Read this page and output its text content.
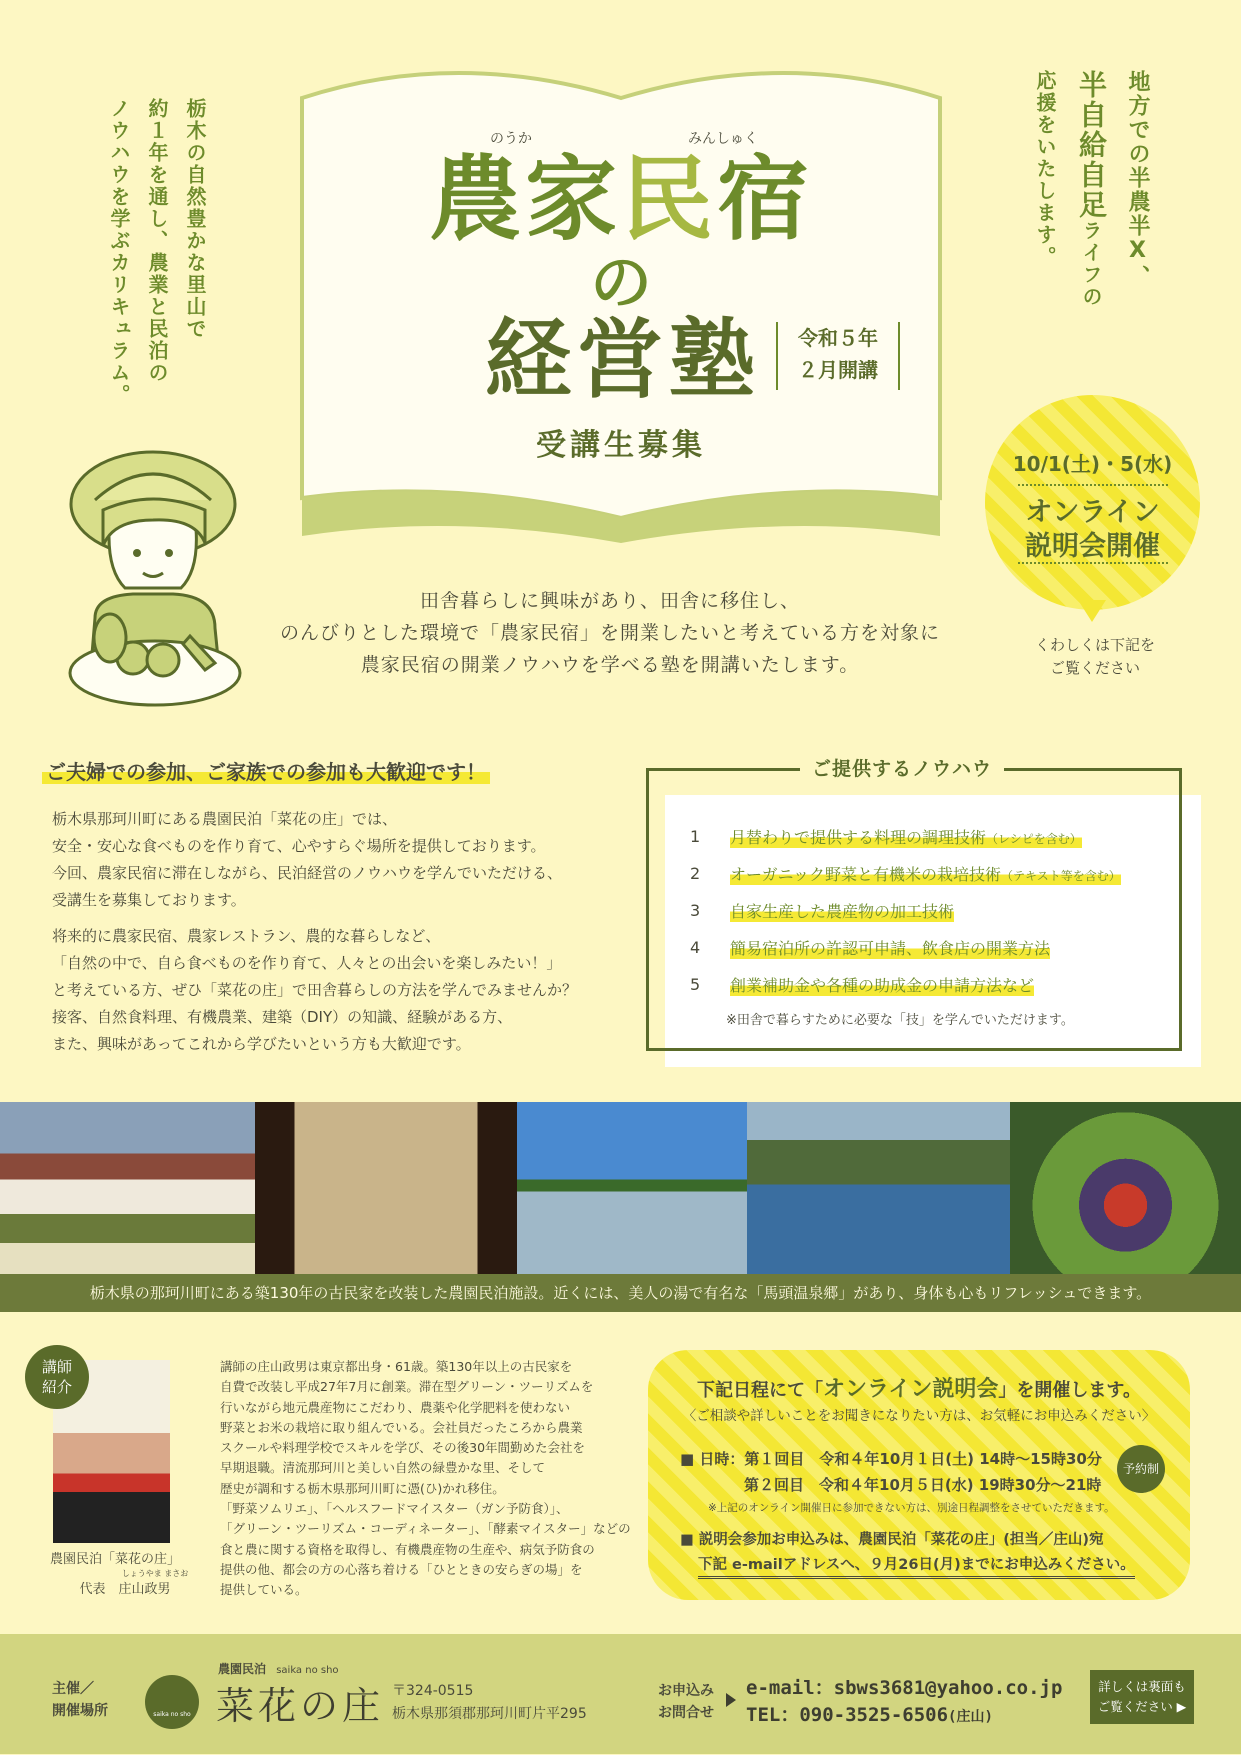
のうか	みんしゅく
農家民宿
の
経営塾	令和５年
２月開講
受講生募集
栃木の自然豊かな里山で
約１年を通し、農業と民泊の
ノウハウを学ぶカリキュラム。	地方での半農半X、
半自給自足ライフの
応援をいたします。
10/1(土)・5(水)
オンライン
説明会開催
くわしくは下記を
ご覧ください
田舎暮らしに興味があり、田舎に移住し、
のんびりとした環境で「農家民宿」を開業したいと考えている方を対象に
農家民宿の開業ノウハウを学べる塾を開講いたします。
ご夫婦での参加、ご家族での参加も大歓迎です！
栃木県那珂川町にある農園民泊「菜花の庄」では、
安全・安心な食べものを作り育て、心やすらぐ場所を提供しております。
今回、農家民宿に滞在しながら、民泊経営のノウハウを学んでいただける、
受講生を募集しております。
将来的に農家民宿、農家レストラン、農的な暮らしなど、
「自然の中で、自ら食べものを作り育て、人々との出会いを楽しみたい！」
と考えている方、ぜひ「菜花の庄」で田舎暮らしの方法を学んでみませんか？
接客、自然食料理、有機農業、建築（DIY）の知識、経験がある方、
また、興味があってこれから学びたいという方も大歓迎です。
ご提供するノウハウ
1	月替わりで提供する料理の調理技術（レシピを含む）
2	オーガニック野菜と有機米の栽培技術（テキスト等を含む）
3	自家生産した農産物の加工技術
4	簡易宿泊所の許認可申請、飲食店の開業方法
5	創業補助金や各種の助成金の申請方法など
※田舎で暮らすために必要な「技」を学んでいただけます。
栃木県の那珂川町にある築130年の古民家を改装した農園民泊施設。近くには、美人の湯で有名な「馬頭温泉郷」があり、身体も心もリフレッシュできます。
講師
紹介
農園民泊「菜花の庄」
しょうやま まさお
代表　庄山政男
講師の庄山政男は東京都出身・61歳。築130年以上の古民家を
自費で改装し平成27年7月に創業。滞在型グリーン・ツーリズムを
行いながら地元農産物にこだわり、農薬や化学肥料を使わない
野菜とお米の栽培に取り組んでいる。会社員だったころから農業
スクールや料理学校でスキルを学び、その後30年間勤めた会社を
早期退職。清流那珂川と美しい自然の緑豊かな里、そして
歴史が調和する栃木県那珂川町に憑(ひ)かれ移住。
「野菜ソムリエ」、「ヘルスフードマイスター（ガン予防食）」、
「グリーン・ツーリズム・コーディネーター」、「酵素マイスター」などの
食と農に関する資格を取得し、有機農産物の生産や、病気予防食の
提供の他、都会の方の心落ち着ける「ひとときの安らぎの場」を
提供している。
下記日程にて「オンライン説明会」を開催します。
〈ご相談や詳しいことをお聞きになりたい方は、お気軽にお申込みください〉
■ 日時：第１回目　令和４年10月１日(土) 14時〜15時30分
第２回目　令和４年10月５日(水) 19時30分〜21時
予約制
※上記のオンライン開催日に参加できない方は、別途日程調整をさせていただきます。
■ 説明会参加お申込みは、農園民泊「菜花の庄」(担当／庄山)宛
下記 e-mailアドレスへ、９月26日(月)までにお申込みください。
主催／
開催場所	saika no sho
農園民泊 saika no sho
菜花の庄 〒324-0515
栃木県那須郡那珂川町片平295
お申込み
お問合せ
e-mail：sbws3681@yahoo.co.jp
TEL：090-3525-6506(庄山)
詳しくは裏面も
ご覧ください ▶
